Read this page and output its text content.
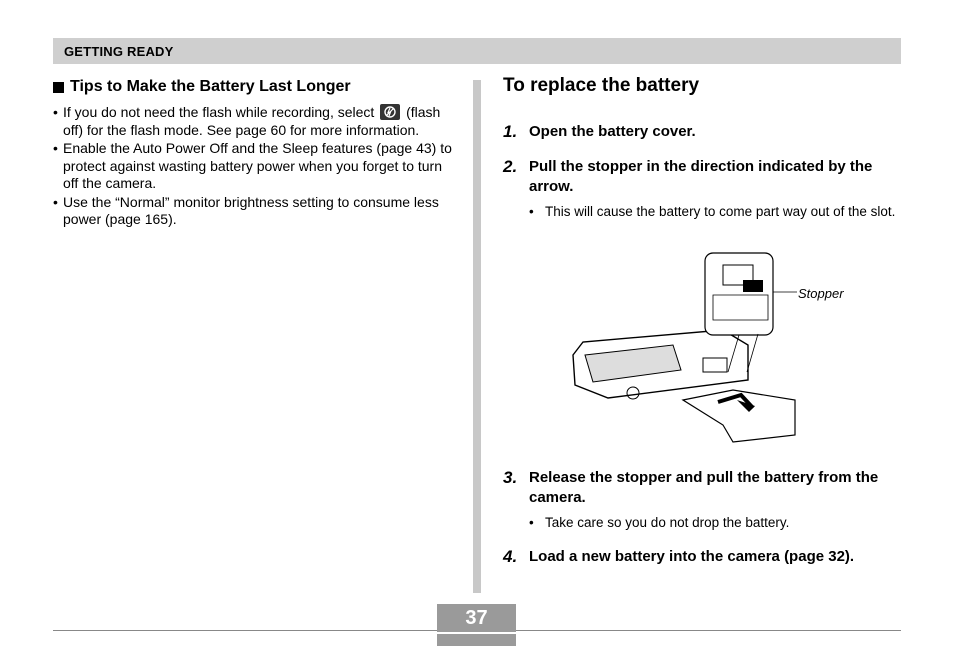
GETTING READY
Tips to Make the Battery Last Longer
• If you do not need the flash while recording, select (flash off) for the flash mode. See page 60 for more information.
• Enable the Auto Power Off and the Sleep features (page 43) to protect against wasting battery power when you forget to turn off the camera.
• Use the “Normal” monitor brightness setting to consume less power (page 165).
To replace the battery
1. Open the battery cover.
2. Pull the stopper in the direction indicated by the arrow.
• This will cause the battery to come part way out of the slot.
Stopper
3. Release the stopper and pull the battery from the camera.
• Take care so you do not drop the battery.
4. Load a new battery into the camera (page 32).
37
